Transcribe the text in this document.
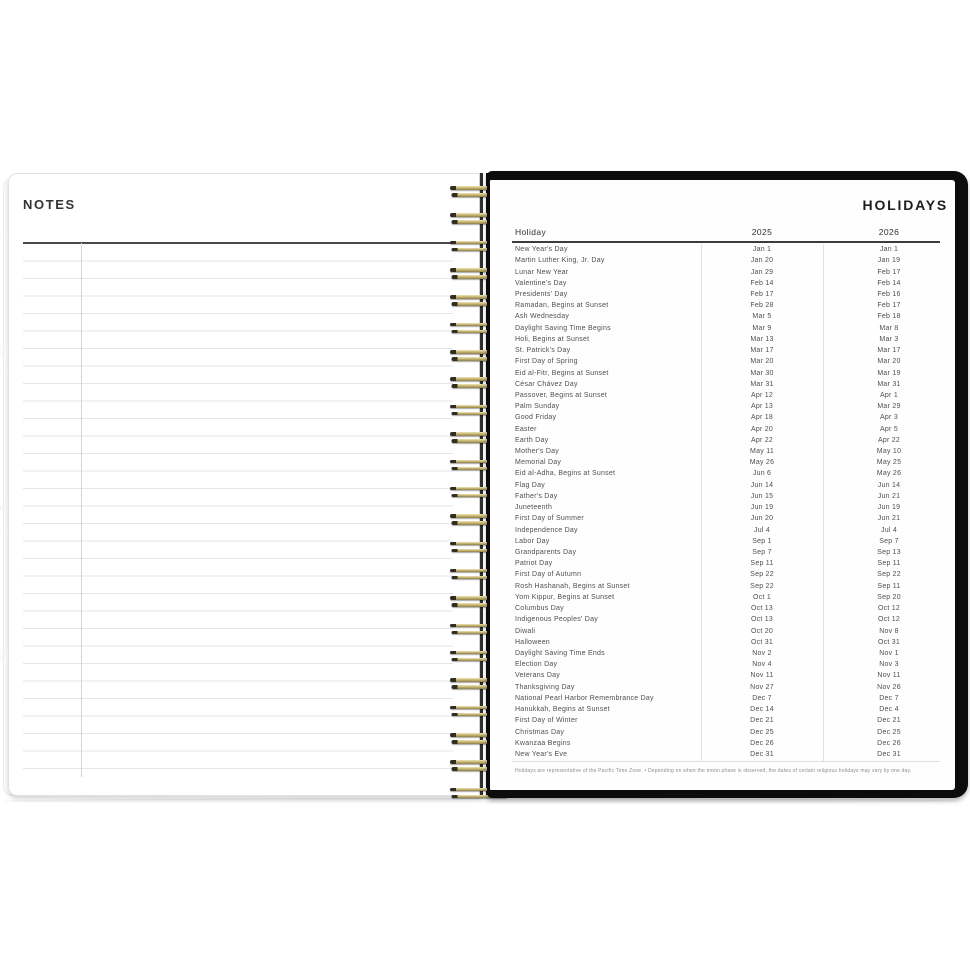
NOTES	HOLIDAYS
Holiday	2025	2026
New Year's Day	Jan 1	Jan 1
Martin Luther King, Jr. Day	Jan 20	Jan 19
Lunar New Year	Jan 29	Feb 17
Valentine's Day	Feb 14	Feb 14
Presidents' Day	Feb 17	Feb 16
Ramadan, Begins at Sunset	Feb 28	Feb 17
Ash Wednesday	Mar 5	Feb 18
Daylight Saving Time Begins	Mar 9	Mar 8
Holi, Begins at Sunset	Mar 13	Mar 3
St. Patrick's Day	Mar 17	Mar 17
First Day of Spring	Mar 20	Mar 20
Eid al-Fitr, Begins at Sunset	Mar 30	Mar 19
César Chávez Day	Mar 31	Mar 31
Passover, Begins at Sunset	Apr 12	Apr 1
Palm Sunday	Apr 13	Mar 29
Good Friday	Apr 18	Apr 3
Easter	Apr 20	Apr 5
Earth Day	Apr 22	Apr 22
Mother's Day	May 11	May 10
Memorial Day	May 26	May 25
Eid al-Adha, Begins at Sunset	Jun 6	May 26
Flag Day	Jun 14	Jun 14
Father's Day	Jun 15	Jun 21
Juneteenth	Jun 19	Jun 19
First Day of Summer	Jun 20	Jun 21
Independence Day	Jul 4	Jul 4
Labor Day	Sep 1	Sep 7
Grandparents Day	Sep 7	Sep 13
Patriot Day	Sep 11	Sep 11
First Day of Autumn	Sep 22	Sep 22
Rosh Hashanah, Begins at Sunset	Sep 22	Sep 11
Yom Kippur, Begins at Sunset	Oct 1	Sep 20
Columbus Day	Oct 13	Oct 12
Indigenous Peoples' Day	Oct 13	Oct 12
Diwali	Oct 20	Nov 8
Halloween	Oct 31	Oct 31
Daylight Saving Time Ends	Nov 2	Nov 1
Election Day	Nov 4	Nov 3
Veterans Day	Nov 11	Nov 11
Thanksgiving Day	Nov 27	Nov 26
National Pearl Harbor Remembrance Day	Dec 7	Dec 7
Hanukkah, Begins at Sunset	Dec 14	Dec 4
First Day of Winter	Dec 21	Dec 21
Christmas Day	Dec 25	Dec 25
Kwanzaa Begins	Dec 26	Dec 26
New Year's Eve	Dec 31	Dec 31
Holidays are representative of the Pacific Time Zone. • Depending on when the moon phase is observed, the dates of certain religious holidays may vary by one day.
